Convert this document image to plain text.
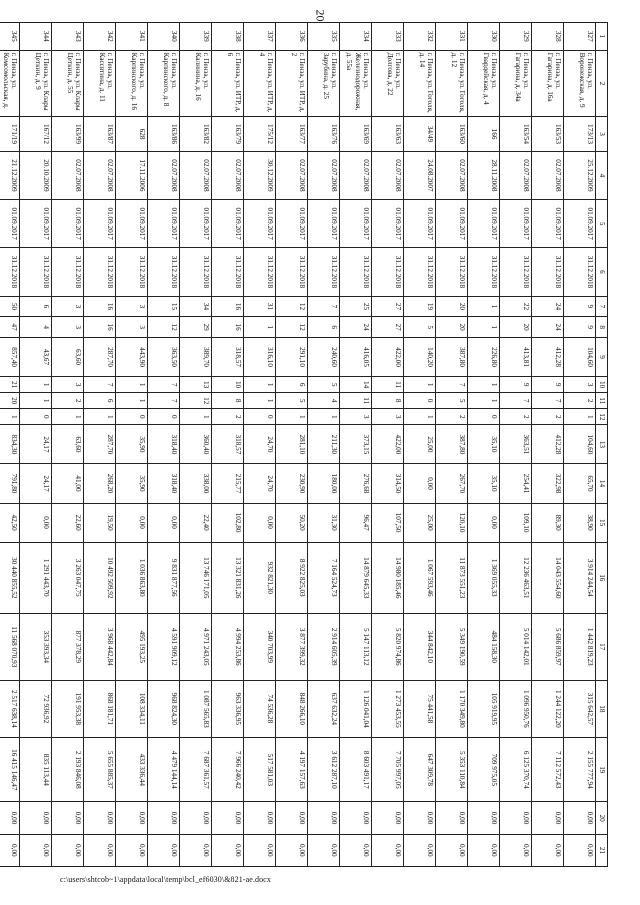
20
1	2	3	4	5	6	7	8	9	10	11	12	13	14	15	16	17	18	19	20	21
327	г. Пенза, ул. Воронежская, д. 9	173/13	25.12.2009	01.09.2017	31.12.2018	9	9	104,60	3	2	1	104,60	65,70	38,90	3 914 244,54	1 442 819,23	315 642,57	2 155 777,94	0,00	0,00
328	г. Пенза, ул. Гагарина, д. 16а	163/53	02.07.2008	01.09.2017	31.12.2018	24	24	412,28	9	7	2	412,28	322,98	89,30	14 043 554,60	5 686 859,97	1 244 122,20	7 112 572,43	0,00	0,00
329	г. Пенза, ул. Гагарина, д. 34а	163/54	02.07.2008	01.09.2017	31.12.2018	22	20	413,81	9	7	2	363,51	254,41	109,10	12 236 463,51	5 014 142,01	1 096 950,76	6 125 370,74	0,00	0,00
330	г. Пенза, ул. Гвардейская, д. 4	166	28.11.2008	01.09.2017	31.12.2018	1	1	226,80	1	1	0	35,10	35,10	0,00	1 369 055,33	484 158,30	105 919,95	709 975,05	0,00	0,00
331	г. Пенза, ул. Гоголя, д. 12	163/60	02.07.2008	01.09.2017	31.12.2018	20	20	387,80	7	5	2	387,80	267,70	120,10	11 873 551,23	5 349 190,59	1 170 349,80	5 353 110,84	0,00	0,00
332	г. Пенза, ул. Гоголя, д. 14	34/49	24.08.2007	01.09.2017	31.12.2018	19	5	140,20	1	0	1	25,00	0,00	25,00	1 067 593,46	344 842,10	75 441,58	647 309,78	0,00	0,00
333	г. Пенза, ул. Долгова, д. 22	163/63	02.07.2008	01.09.2017	31.12.2018	27	27	422,00	11	8	3	422,00	314,50	107,50	14 980 185,46	5 820 974,86	1 273 453,55	7 705 997,05	0,00	0,00
334	г. Пенза, ул. Железнодорожная, д. 55а	163/69	02.07.2008	01.09.2017	31.12.2018	25	24	416,05	14	11	3	373,15	276,68	96,47	14 879 645,33	5 147 113,12	1 126 041,04	8 603 491,17	0,00	0,00
335	г. Пенза, ул. Зарубина, д. 25	163/76	02.07.2008	01.09.2017	31.12.2018	7	6	240,60	5	4	1	211,30	180,00	31,30	7 164 524,73	2 914 605,39	637 632,24	3 612 287,10	0,00	0,00
336	г. Пенза, ул. ИТР, д. 2	163/77	02.07.2008	01.09.2017	31.12.2018	12	12	291,10	6	5	1	281,10	230,90	50,20	8 922 825,03	3 877 399,32	848 266,10	4 197 157,63	0,00	0,00
337	г. Пенза, ул. ИТР, д. 4	175/12	30.12.2009	01.09.2017	31.12.2018	31	1	316,10	1	1	0	24,70	24,70	0,00	932 821,30	340 703,99	74 536,28	517 581,03	0,00	0,00
338	г. Пенза, ул. ИТР, д. 6	163/79	02.07.2008	01.09.2017	31.12.2018	16	16	318,57	10	8	2	318,57	215,77	102,80	13 321 831,26	4 994 253,86	963 336,95	7 966 240,42	0,00	0,00
339	г. Пенза, ул. Калинина, д. 16	163/82	02.07.2008	01.09.2017	31.12.2018	34	29	389,70	13	12	1	360,40	338,00	22,40	13 746 171,05	4 971 243,05	1 087 565,83	7 687 361,57	0,00	0,00
340	г. Пенза, ул. Карпинского, д. 8	163/86	02.07.2008	01.09.2017	31.12.2018	15	12	363,50	7	7	0	318,40	318,40	0,00	9 831 877,56	4 591 909,12	968 824,30	4 479 144,14	0,00	0,00
341	г. Пенза, ул. Карпинского, д. 16	628	17.11.2006	01.09.2017	31.12.2018	3	3	443,90	1	1	0	35,90	35,90	0,00	1 036 863,80	495 193,25	108 334,11	433 336,44	0,00	0,00
342	г. Пенза, ул. Кассвтина, д. 11	163/87	02.07.2008	01.09.2017	31.12.2018	16	16	287,70	7	6	1	287,70	268,20	19,50	10 492 509,92	3 968 442,84	868 181,71	5 655 885,37	0,00	0,00
343	г. Пенза, ул. Клары Цеткин, д. 55	163/99	02.07.2008	01.09.2017	31.12.2018	3	3	63,60	3	2	1	63,60	41,00	22,60	3 263 047,75	877 378,29	191 953,38	2 193 846,08	0,00	0,00
344	г. Пенза, ул. Клары Цеткин, д. 9	167/12	20.10.2009	01.09.2017	31.12.2018	6	4	43,67	1	1	0	24,17	24,17	0,00	1 291 443,70	353 393,34	72 936,92	835 113,44	0,00	0,00
345	г. Пенза, ул. Комсомольская, д.	171/19	21.12.2009	01.09.2017	31.12.2018	50	47	857,40	21	20	1	834,30	791,80	42,50	30 440 855,52	11 568 070,93	2 517 638,14	16 415 146,47	0,00	0,00
c:\users\shtcob~1\appdata\local\temp\bcl_ef6030\&821-ae.docx
